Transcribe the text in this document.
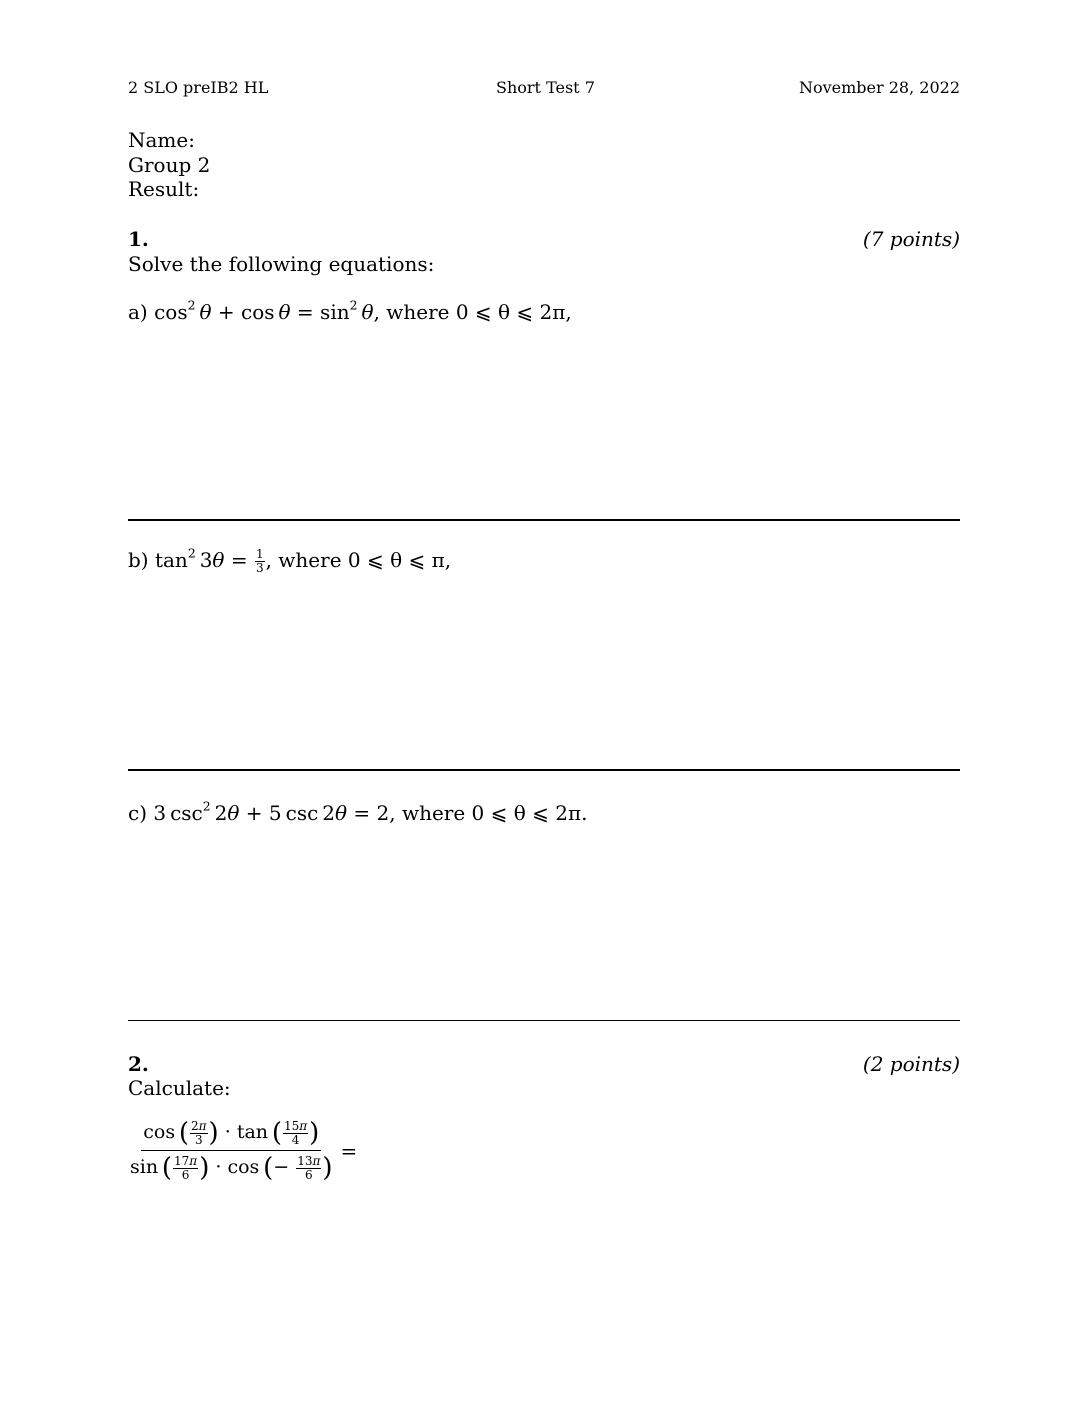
2 SLO preIB2 HL	Short Test 7	November 28, 2022
Name:
Group 2
Result:
1.	(7 points)
Solve the following equations:
a) $\cos^2 \theta + \cos \theta = \sin^2 \theta$, where 0 ⩽ θ ⩽ 2π,
b) $\tan^2 3\theta = \frac{1}{3}$ , where 0 ⩽ θ ⩽ π,
c) 3 $\csc^2 2\theta + 5$ csc 2θ = 2, where 0 ⩽ θ ⩽ 2π.
2.	(2 points)
Calculate:
$\frac{\cos ( \frac{2\pi}{3} ) \cdot \tan ( \frac{15\pi}{4} )}{\sin ( \frac{17\pi}{6} ) \cdot \cos (- \frac{13\pi}{6} )}$ =
